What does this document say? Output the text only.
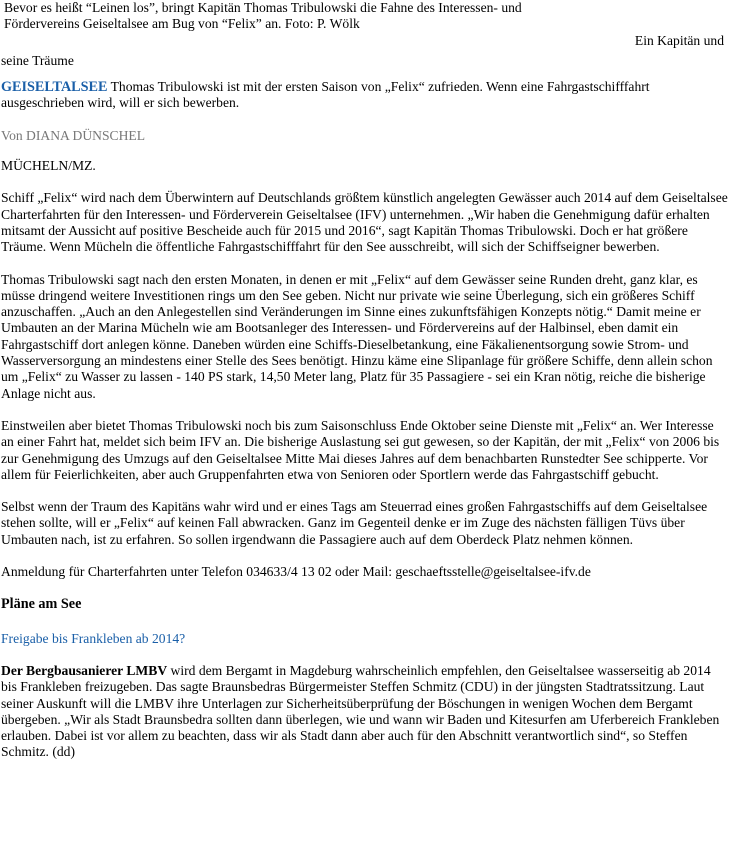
Bevor es heißt “Leinen los”, bringt Kapitän Thomas Tribulowski die Fahne des Interessen- und
Fördervereins Geiseltalsee am Bug von “Felix” an. Foto: P. Wölk

Ein Kapitän und

seine Träume

GEISELTALSEE Thomas Tribulowski ist mit der ersten Saison von „Felix“ zufrieden. Wenn eine Fahrgastschifffahrt ausgeschrieben wird, will er sich bewerben.

Von DIANA DÜNSCHEL

MÜCHELN/MZ.

Schiff „Felix“ wird nach dem Überwintern auf Deutschlands größtem künstlich angelegten Gewässer auch 2014 auf dem Geiseltalsee Charterfahrten für den Interessen- und Förderverein Geiseltalsee (IFV) unternehmen. „Wir haben die Genehmigung dafür erhalten mitsamt der Aussicht auf positive Bescheide auch für 2015 und 2016“, sagt Kapitän Thomas Tribulowski. Doch er hat größere Träume. Wenn Mücheln die öffentliche Fahrgastschifffahrt für den See ausschreibt, will sich der Schiffseigner bewerben.

Thomas Tribulowski sagt nach den ersten Monaten, in denen er mit „Felix“ auf dem Gewässer seine Runden dreht, ganz klar, es müsse dringend weitere Investitionen rings um den See geben. Nicht nur private wie seine Überlegung, sich ein größeres Schiff anzuschaffen. „Auch an den Anlegestellen sind Veränderungen im Sinne eines zukunftsfähigen Konzepts nötig.“ Damit meine er Umbauten an der Marina Mücheln wie am Bootsanleger des Interessen- und Fördervereins auf der Halbinsel, eben damit ein Fahrgastschiff dort anlegen könne. Daneben würden eine Schiffs-Dieselbetankung, eine Fäkalienentsorgung sowie Strom- und Wasserversorgung an mindestens einer Stelle des Sees benötigt. Hinzu käme eine Slipanlage für größere Schiffe, denn allein schon um „Felix“ zu Wasser zu lassen - 140 PS stark, 14,50 Meter lang, Platz für 35 Passagiere - sei ein Kran nötig, reiche die bisherige Anlage nicht aus.

Einstweilen aber bietet Thomas Tribulowski noch bis zum Saisonschluss Ende Oktober seine Dienste mit „Felix“ an. Wer Interesse an einer Fahrt hat, meldet sich beim IFV an. Die bisherige Auslastung sei gut gewesen, so der Kapitän, der mit „Felix“ von 2006 bis zur Genehmigung des Umzugs auf den Geiseltalsee Mitte Mai dieses Jahres auf dem benachbarten Runstedter See schipperte. Vor allem für Feierlichkeiten, aber auch Gruppenfahrten etwa von Senioren oder Sportlern werde das Fahrgastschiff gebucht.

Selbst wenn der Traum des Kapitäns wahr wird und er eines Tags am Steuerrad eines großen Fahrgastschiffs auf dem Geiseltalsee stehen sollte, will er „Felix“ auf keinen Fall abwracken. Ganz im Gegenteil denke er im Zuge des nächsten fälligen Tüvs über Umbauten nach, ist zu erfahren. So sollen irgendwann die Passagiere auch auf dem Oberdeck Platz nehmen können.

Anmeldung für Charterfahrten unter Telefon 034633/4 13 02 oder Mail: geschaeftsstelle@geiseltalsee-ifv.de

Pläne am See

Freigabe bis Frankleben ab 2014?

Der Bergbausanierer LMBV wird dem Bergamt in Magdeburg wahrscheinlich empfehlen, den Geiseltalsee wasserseitig ab 2014 bis Frankleben freizugeben. Das sagte Braunsbedras Bürgermeister Steffen Schmitz (CDU) in der jüngsten Stadtratssitzung. Laut seiner Auskunft will die LMBV ihre Unterlagen zur Sicherheitsüberprüfung der Böschungen in wenigen Wochen dem Bergamt übergeben. „Wir als Stadt Braunsbedra sollten dann überlegen, wie und wann wir Baden und Kitesurfen am Uferbereich Frankleben erlauben. Dabei ist vor allem zu beachten, dass wir als Stadt dann aber auch für den Abschnitt verantwortlich sind“, so Steffen Schmitz. (dd)
